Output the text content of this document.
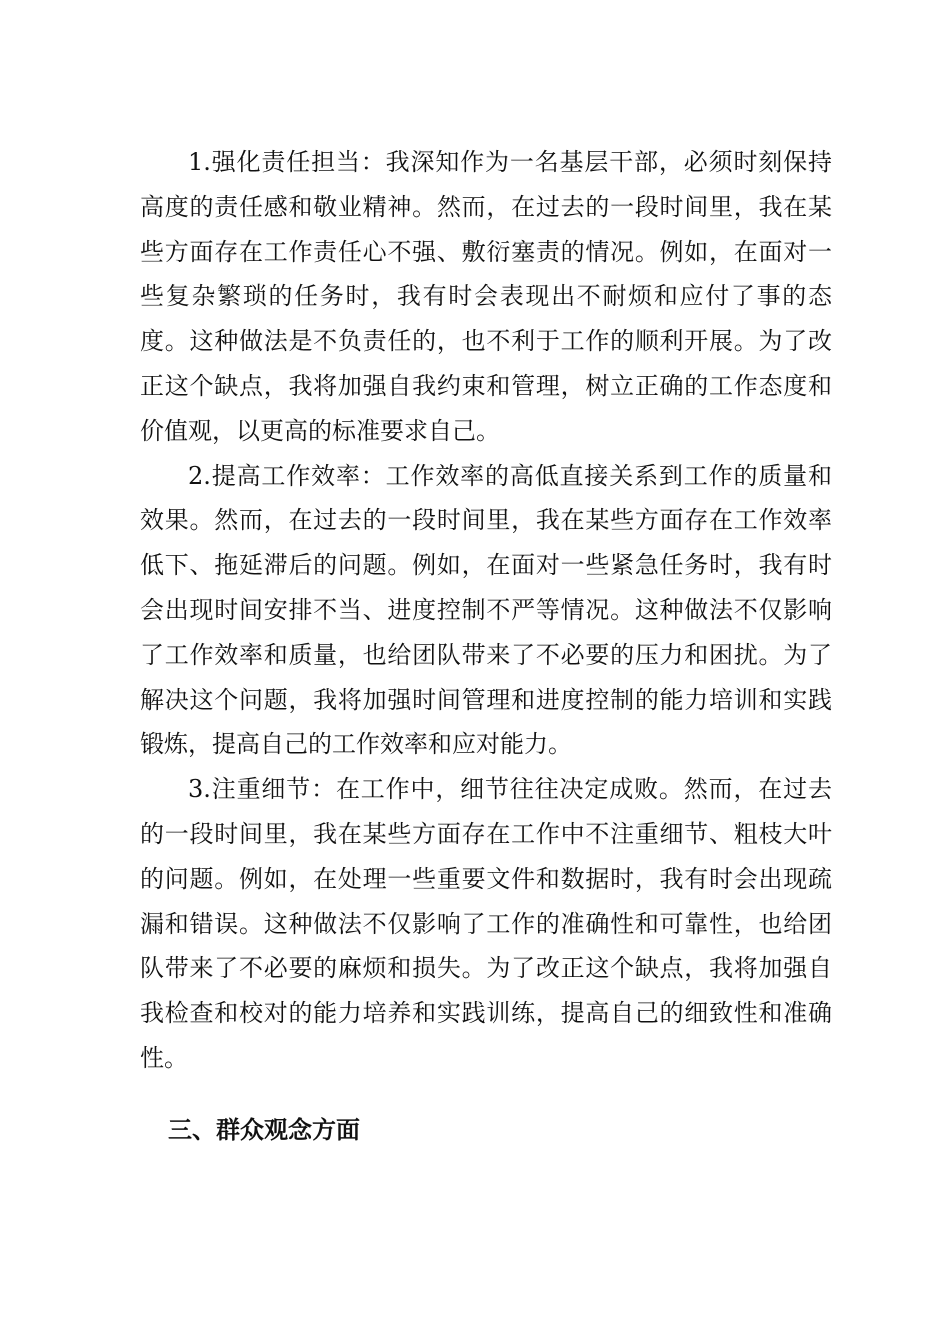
1.强化责任担当：我深知作为一名基层干部，必须时刻保持高度的责任感和敬业精神。然而，在过去的一段时间里，我在某些方面存在工作责任心不强、敷衍塞责的情况。例如，在面对一些复杂繁琐的任务时，我有时会表现出不耐烦和应付了事的态度。这种做法是不负责任的，也不利于工作的顺利开展。为了改正这个缺点，我将加强自我约束和管理，树立正确的工作态度和价值观，以更高的标准要求自己。

2.提高工作效率：工作效率的高低直接关系到工作的质量和效果。然而，在过去的一段时间里，我在某些方面存在工作效率低下、拖延滞后的问题。例如，在面对一些紧急任务时，我有时会出现时间安排不当、进度控制不严等情况。这种做法不仅影响了工作效率和质量，也给团队带来了不必要的压力和困扰。为了解决这个问题，我将加强时间管理和进度控制的能力培训和实践锻炼，提高自己的工作效率和应对能力。

3.注重细节：在工作中，细节往往决定成败。然而，在过去的一段时间里，我在某些方面存在工作中不注重细节、粗枝大叶的问题。例如，在处理一些重要文件和数据时，我有时会出现疏漏和错误。这种做法不仅影响了工作的准确性和可靠性，也给团队带来了不必要的麻烦和损失。为了改正这个缺点，我将加强自我检查和校对的能力培养和实践训练，提高自己的细致性和准确性。

三、群众观念方面
